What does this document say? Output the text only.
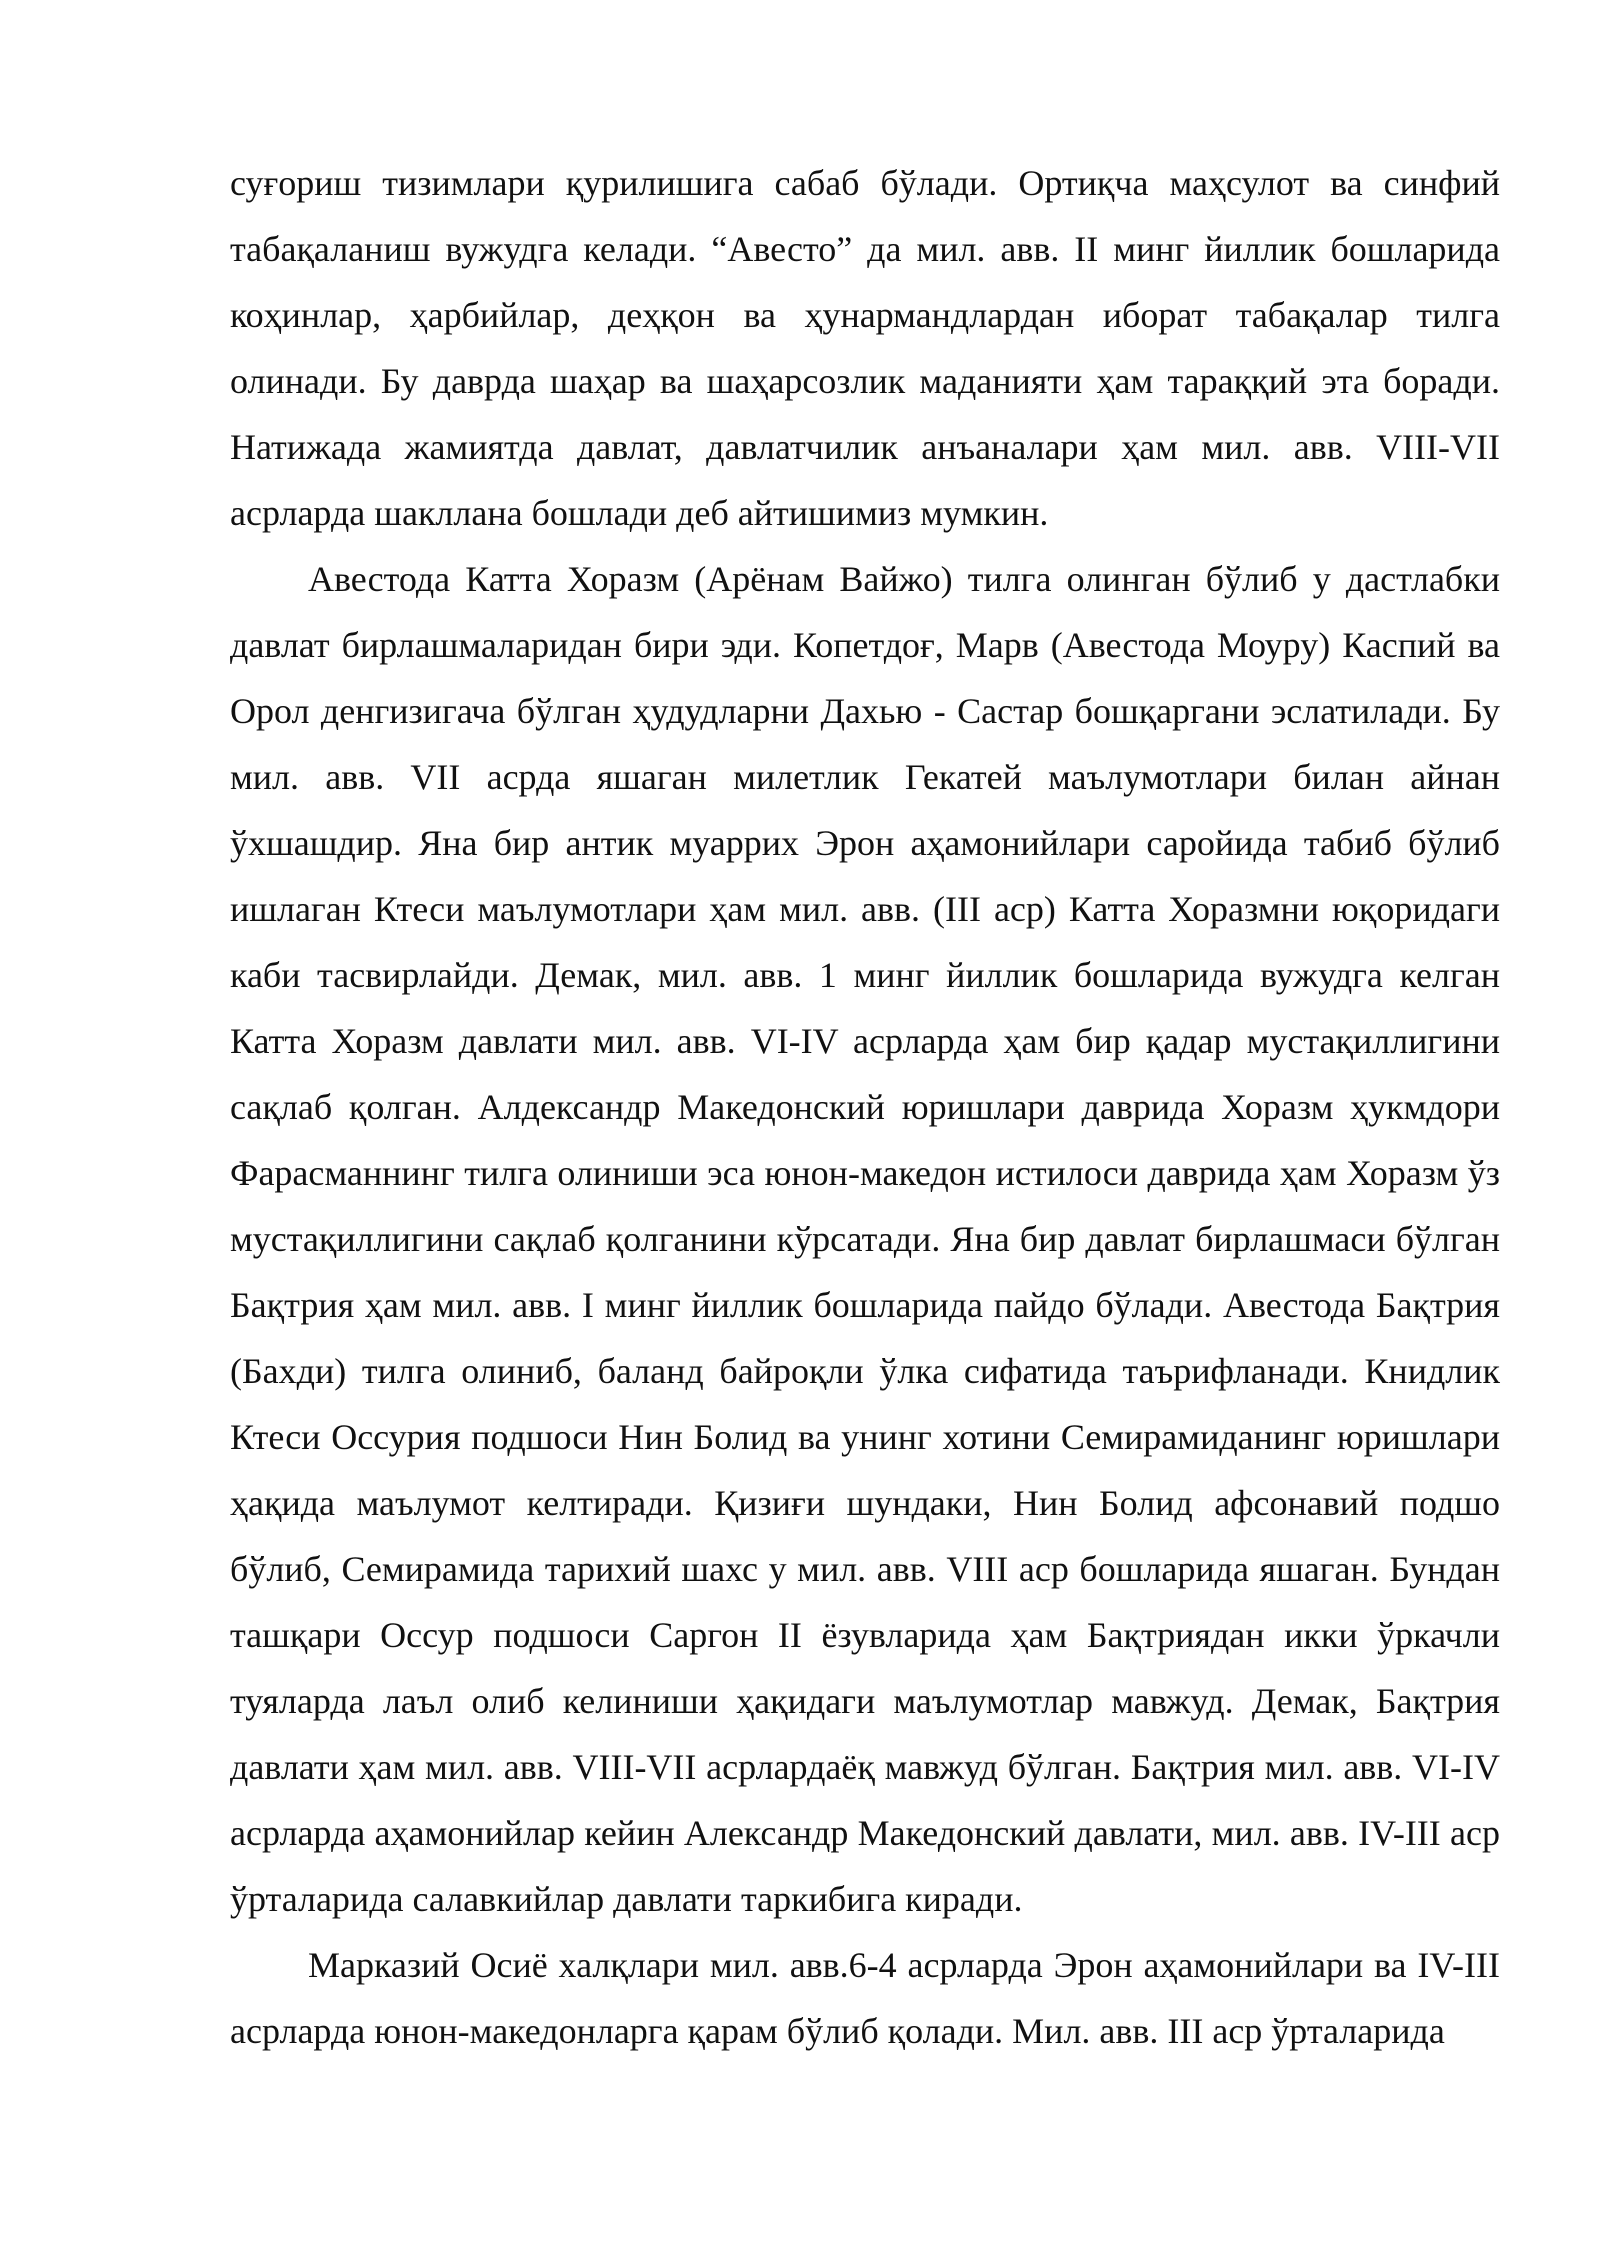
суғориш тизимлари қурилишига сабаб бўлади. Ортиқча маҳсулот ва синфий табақаланиш вужудга келади. “Авесто” да мил. авв. II минг йиллик бошларида коҳинлар, ҳарбийлар, деҳқон ва ҳунармандлардан иборат табақалар тилга олинади. Бу даврда шаҳар ва шаҳарсозлик маданияти ҳам тараққий эта боради. Натижада жамиятда давлат, давлатчилик анъаналари ҳам мил. авв. VIII-VII асрларда шаклланa бошлади деб айтишимиз мумкин.

Авестода Катта Хоразм (Арёнам Вайжо) тилга олинган бўлиб у дастлабки давлат бирлашмаларидан бири эди. Копетдоғ, Марв (Авестода Моуру) Каспий ва Орол денгизигача бўлган ҳудудларни Дахью - Састар бошқаргани эслатилади. Бу мил. авв. VII асрда яшаган милетлик Гекатей маълумотлари билан айнан ўхшашдир. Яна бир антик муаррих Эрон аҳамонийлари саройида табиб бўлиб ишлаган Ктеси маълумотлари ҳам мил. авв. (III аср) Катта Хоразмни юқоридаги каби тасвирлайди. Демак, мил. авв. 1 минг йиллик бошларида вужудга келган Катта Хоразм давлати мил. авв. VI-IV асрларда ҳам бир қадар мустақиллигини сақлаб қолган. Алдександр Македонский юришлари даврида Хоразм ҳукмдори Фарасманнинг тилга олиниши эса юнон-македон истилоси даврида ҳам Хоразм ўз мустақиллигини сақлаб қолганини кўрсатади. Яна бир давлат бирлашмаси бўлган Бақтрия ҳам мил. авв. I минг йиллик бошларида пайдо бўлади. Авестода Бақтрия (Бахди) тилга олиниб, баланд байроқли ўлка сифатида таърифланади. Книдлик Ктеси Оссурия подшоси Нин Болид ва унинг хотини Семирамиданинг юришлари ҳақида маълумот келтиради. Қизиғи шундаки, Нин Болид афсонавий подшо бўлиб, Семирамида тарихий шахс у мил. авв. VIII аср бошларида яшаган. Бундан ташқари Оссур подшоси Саргон II ёзувларида ҳам Бақтриядан икки ўркачли туяларда лаъл олиб келиниши ҳақидаги маълумотлар мавжуд. Демак, Бақтрия давлати ҳам мил. авв. VIII-VII асрлардаёқ мавжуд бўлган. Бақтрия мил. авв. VI-IV асрларда аҳамонийлар кейин Александр Македонский давлати, мил. авв. IV-III аср ўрталарида салавкийлар давлати таркибига киради.

Марказий Осиё халқлари мил. авв.6-4 асрларда Эрон аҳамонийлари ва IV-III асрларда юнон-македонларга қарам бўлиб қолади. Мил. авв. III аср ўрталарида
